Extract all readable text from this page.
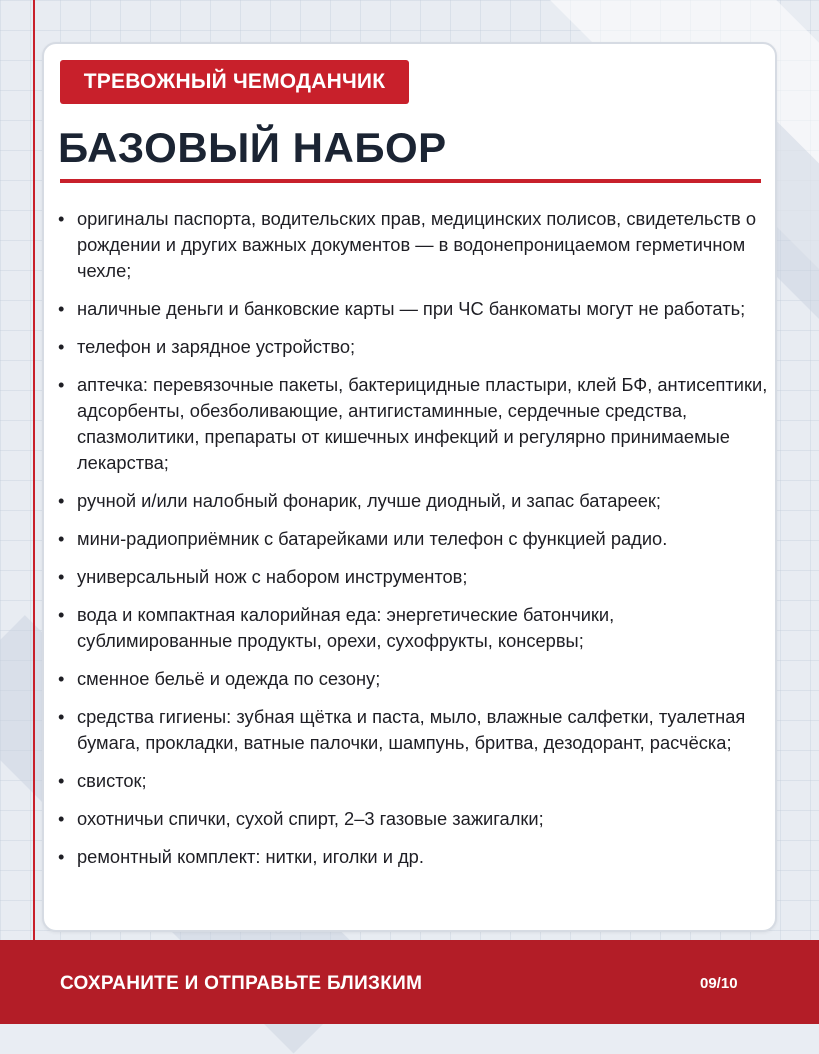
ТРЕВОЖНЫЙ ЧЕМОДАНЧИК
БАЗОВЫЙ НАБОР
• оригиналы паспорта, водительских прав, медицинских полисов, свидетельств о рождении и других важных документов — в водонепроницаемом герметичном чехле;
• наличные деньги и банковские карты — при ЧС банкоматы могут не работать;
• телефон и зарядное устройство;
• аптечка: перевязочные пакеты, бактерицидные пластыри, клей БФ, антисептики, адсорбенты, обезболивающие, антигистаминные, сердечные средства, спазмолитики, препараты от кишечных инфекций и регулярно принимаемые лекарства;
• ручной и/или налобный фонарик, лучше диодный, и запас батареек;
• мини-радиоприёмник с батарейками или телефон с функцией радио.
• универсальный нож с набором инструментов;
• вода и компактная калорийная еда: энергетические батончики, сублимированные продукты, орехи, сухофрукты, консервы;
• сменное бельё и одежда по сезону;
• средства гигиены: зубная щётка и паста, мыло, влажные салфетки, туалетная бумага, прокладки, ватные палочки, шампунь, бритва, дезодорант, расчёска;
• свисток;
• охотничьи спички, сухой спирт, 2–3 газовые зажигалки;
• ремонтный комплект: нитки, иголки и др.
СОХРАНИТЕ И ОТПРАВЬТЕ БЛИЗКИМ	09/10
